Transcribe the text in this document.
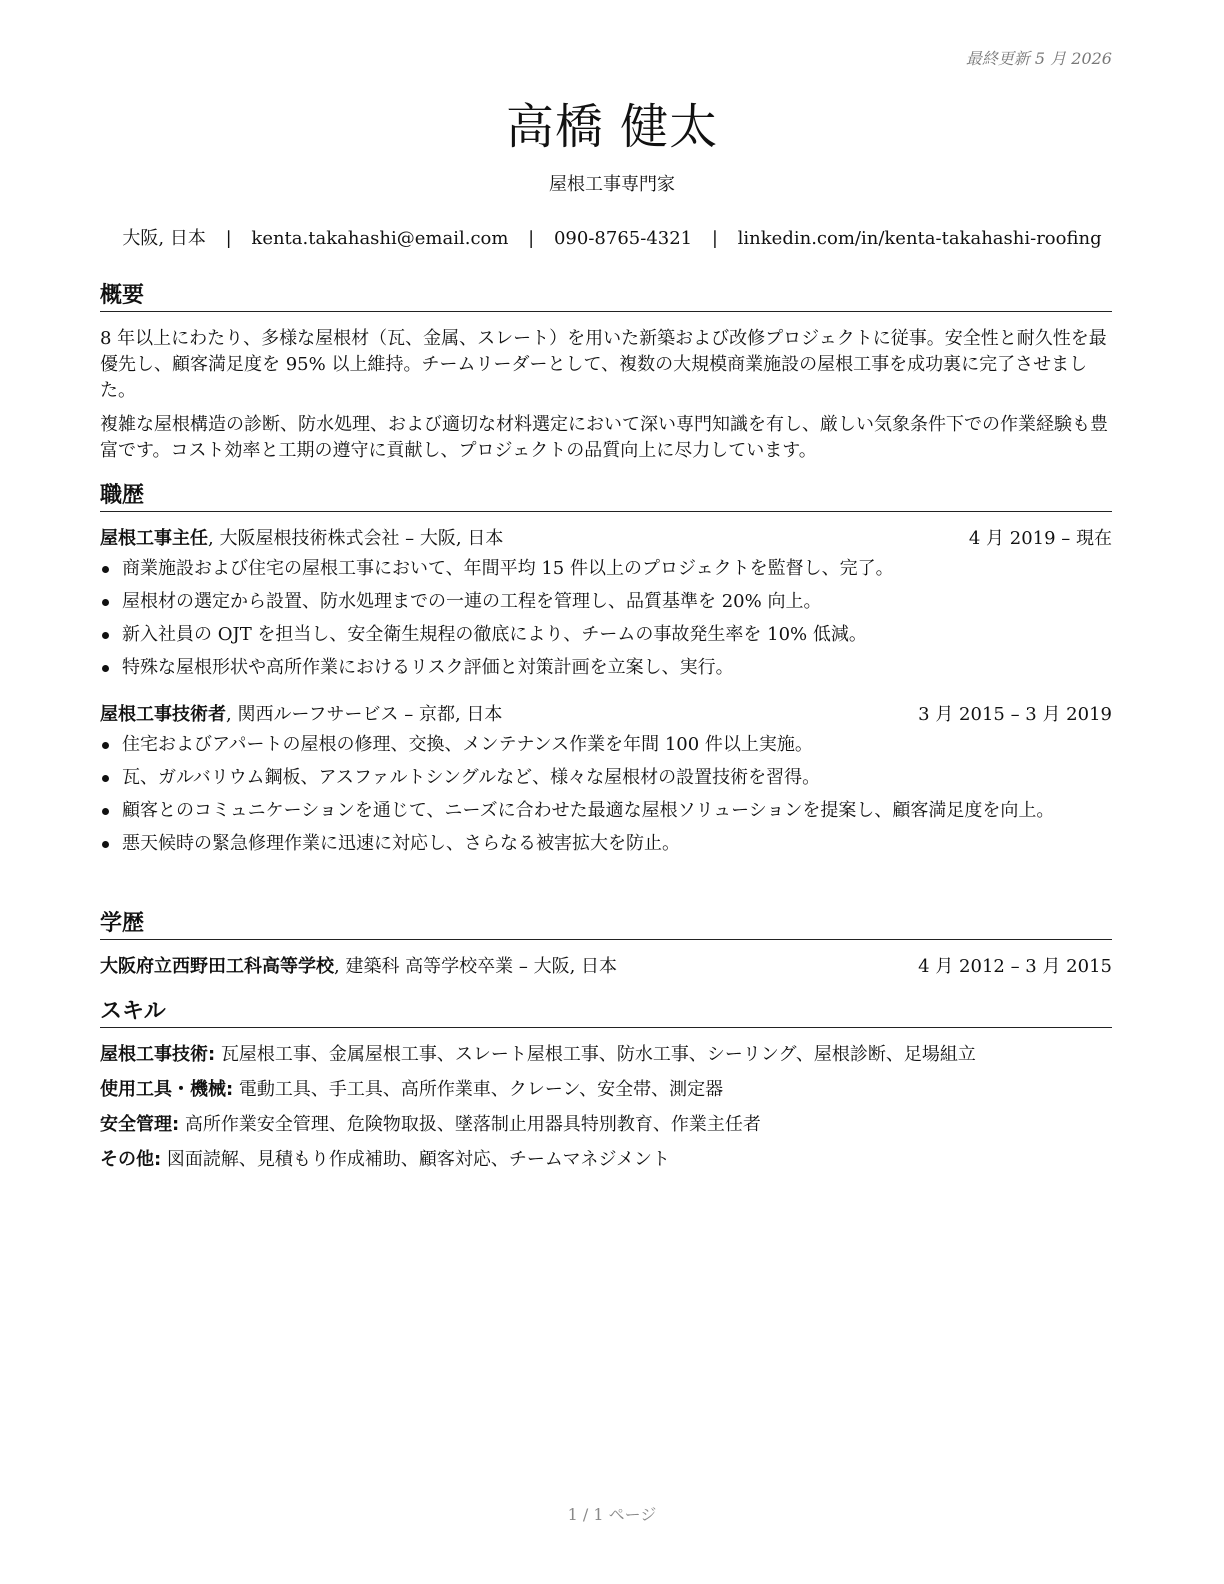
最終更新 5 月 2026
高橋 健太
屋根工事専門家
大阪, 日本 | kenta.takahashi@email.com | 090-8765-4321 | linkedin.com/in/kenta-takahashi-roofing
概要

8 年以上にわたり、多様な屋根材（瓦、金属、スレート）を用いた新築および改修プロジェクトに従事。安全性と耐久性を最優先し、顧客満足度を 95% 以上維持。チームリーダーとして、複数の大規模商業施設の屋根工事を成功裏に完了させました。

複雑な屋根構造の診断、防水処理、および適切な材料選定において深い専門知識を有し、厳しい気象条件下での作業経験も豊富です。コスト効率と工期の遵守に貢献し、プロジェクトの品質向上に尽力しています。

職歴
屋根工事主任, 大阪屋根技術株式会社 – 大阪, 日本	4 月 2019 – 現在
商業施設および住宅の屋根工事において、年間平均 15 件以上のプロジェクトを監督し、完了。
屋根材の選定から設置、防水処理までの一連の工程を管理し、品質基準を 20% 向上。
新入社員の OJT を担当し、安全衛生規程の徹底により、チームの事故発生率を 10% 低減。
特殊な屋根形状や高所作業におけるリスク評価と対策計画を立案し、実行。
屋根工事技術者, 関西ルーフサービス – 京都, 日本	3 月 2015 – 3 月 2019
住宅およびアパートの屋根の修理、交換、メンテナンス作業を年間 100 件以上実施。
瓦、ガルバリウム鋼板、アスファルトシングルなど、様々な屋根材の設置技術を習得。
顧客とのコミュニケーションを通じて、ニーズに合わせた最適な屋根ソリューションを提案し、顧客満足度を向上。
悪天候時の緊急修理作業に迅速に対応し、さらなる被害拡大を防止。
学歴
大阪府立西野田工科高等学校, 建築科 高等学校卒業 – 大阪, 日本	4 月 2012 – 3 月 2015
スキル
屋根工事技術: 瓦屋根工事、金属屋根工事、スレート屋根工事、防水工事、シーリング、屋根診断、足場組立
使用工具・機械: 電動工具、手工具、高所作業車、クレーン、安全帯、測定器
安全管理: 高所作業安全管理、危険物取扱、墜落制止用器具特別教育、作業主任者
その他: 図面読解、見積もり作成補助、顧客対応、チームマネジメント
1 / 1 ページ
